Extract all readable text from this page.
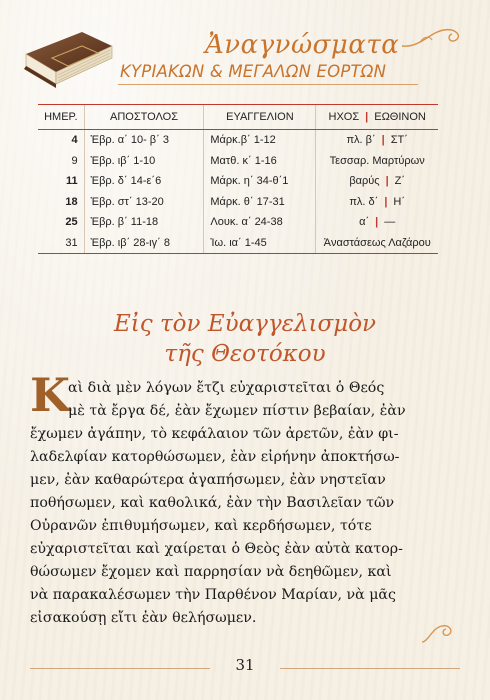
Ἀναγνώσματα
ΚΥΡΙΑΚΩΝ & ΜΕΓΑΛΩΝ ΕΟΡΤΩΝ
ΗΜΕΡ.	ΑΠΟΣΤΟΛΟΣ	ΕΥΑΓΓΕΛΙΟΝ	ΗΧΟΣ | ΕΩΘΙΝΟΝ
4	Ἑβρ. α΄ 10- β΄ 3	Μάρκ.β΄ 1-12	πλ. β΄ | ΣΤ΄
9	Ἑβρ. ιβ΄ 1-10	Ματθ. κ΄ 1-16	Τεσσαρ. Μαρτύρων
11	Ἑβρ. δ΄ 14-ε΄6	Μάρκ. η΄ 34-θ΄1	βαρύς | Ζ΄
18	Ἑβρ. στ΄ 13-20	Μάρκ. θ΄ 17-31	πλ. δ΄ | Η΄
25	Ἑβρ. β΄ 11-18	Λουκ. α΄ 24-38	α΄ | —
31	Ἑβρ. ιβ΄ 28-ιγ΄ 8	Ἰω. ια΄ 1-45	Ἀναστάσεως Λαζάρου
Εἰς τὸν Εὐαγγελισμὸν
τῆς Θεοτόκου
Κ
αὶ διὰ μὲν λόγων ἔτζι εὐχαριστεῖται ὁ Θεός
μὲ τὰ ἔργα δέ, ἐὰν ἔχωμεν πίστιν βεβαίαν, ἐὰν
ἔχωμεν ἀγάπην, τὸ κεφάλαιον τῶν ἀρετῶν, ἐὰν φι-
λαδελφίαν κατορθώσωμεν, ἐὰν εἰρήνην ἀποκτήσω-
μεν, ἐὰν καθαρώτερα ἀγαπήσωμεν, ἐὰν νηστεῖαν
ποθήσωμεν, καὶ καθολικά, ἐὰν τὴν Βασιλεῖαν τῶν
Οὐρανῶν ἐπιθυμήσωμεν, καὶ κερδήσωμεν, τότε
εὐχαριστεῖται καὶ χαίρεται ὁ Θεὸς ἐὰν αὐτὰ κατορ-
θώσωμεν ἔχομεν καὶ παρρησίαν νὰ δεηθῶμεν, καὶ
νὰ παρακαλέσωμεν τὴν Παρθένον Μαρίαν, νὰ μᾶς
εἰσακούσῃ εἴτι ἐὰν θελήσωμεν.
31
